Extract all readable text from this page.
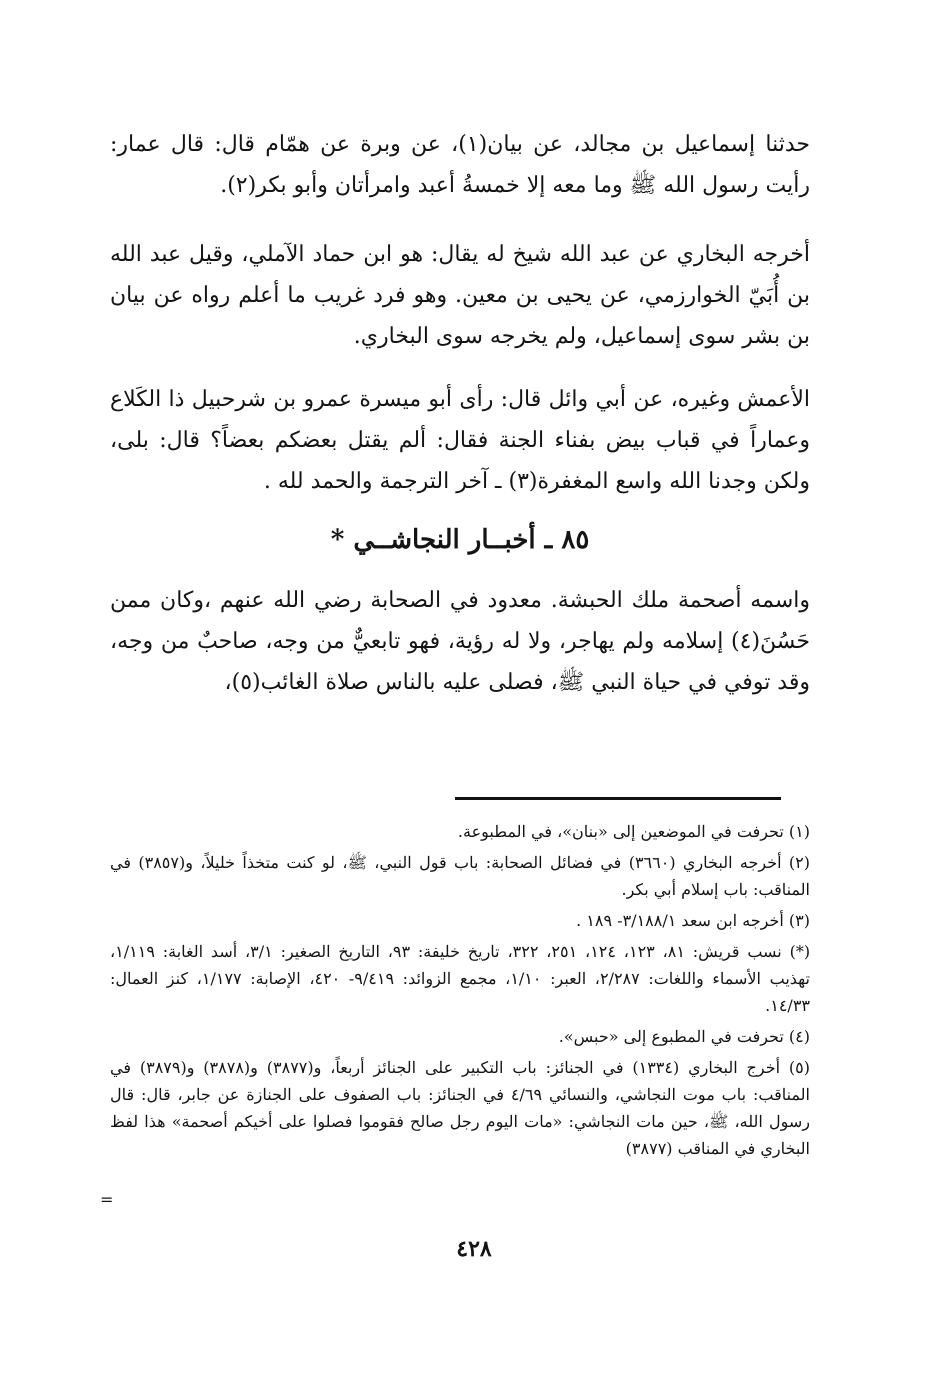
حدثنا إسماعيل بن مجالد، عن بيان(١)، عن وبرة عن همّام قال: قال عمار: رأيت رسول الله ﷺ وما معه إلا خمسةُ أعبد وامرأتان وأبو بكر(٢).

أخرجه البخاري عن عبد الله شيخ له يقال: هو ابن حماد الآملي، وقيل عبد الله بن أُبَيّ الخوارزمي، عن يحيى بن معين. وهو فرد غريب ما أعلم رواه عن بيان بن بشر سوى إسماعيل، ولم يخرجه سوى البخاري.

الأعمش وغيره، عن أبي وائل قال: رأى أبو ميسرة عمرو بن شرحبيل ذا الكَلاع وعماراً في قباب بيض بفناء الجنة فقال: ألم يقتل بعضكم بعضاً؟ قال: بلى، ولكن وجدنا الله واسع المغفرة(٣) ـ آخر الترجمة والحمد لله .

٨٥ ـ أخبــار النجاشــي *

واسمه أصحمة ملك الحبشة. معدود في الصحابة رضي الله عنهم ،وكان ممن حَسُنَ(٤) إسلامه ولم يهاجر، ولا له رؤية، فهو تابعيٌّ من وجه، صاحبٌ من وجه، وقد توفي في حياة النبي ﷺ، فصلى عليه بالناس صلاة الغائب(٥)،

(١) تحرفت في الموضعين إلى «بنان»، في المطبوعة.

(٢) أخرجه البخاري (٣٦٦٠) في فضائل الصحابة: باب قول النبي، ﷺ، لو كنت متخذاً خليلاً، و(٣٨٥٧) في المناقب: باب إسلام أبي بكر.

(٣) أخرجه ابن سعد ٣/١٨٨/١- ١٨٩ .

(*) نسب قريش: ٨١، ١٢٣، ١٢٤، ٢٥١، ٣٢٢، تاريخ خليفة: ٩٣، التاريخ الصغير: ٣/١، أسد الغابة: ١/١١٩، تهذيب الأسماء واللغات: ٢/٢٨٧، العبر: ١/١٠، مجمع الزوائد: ٩/٤١٩- ٤٢٠، الإصابة: ١/١٧٧، كنز العمال: ١٤/٣٣.

(٤) تحرفت في المطبوع إلى «حبس».

(٥) أخرج البخاري (١٣٣٤) في الجنائز: باب التكبير على الجنائز أربعاً، و(٣٨٧٧) و(٣٨٧٨) و(٣٨٧٩) في المناقب: باب موت النجاشي، والنسائي ٤/٦٩ في الجنائز: باب الصفوف على الجنازة عن جابر، قال: قال رسول الله، ﷺ، حين مات النجاشي: «مات اليوم رجل صالح فقوموا فصلوا على أخيكم أصحمة» هذا لفظ البخاري في المناقب (٣٨٧٧)

=
٤٢٨
